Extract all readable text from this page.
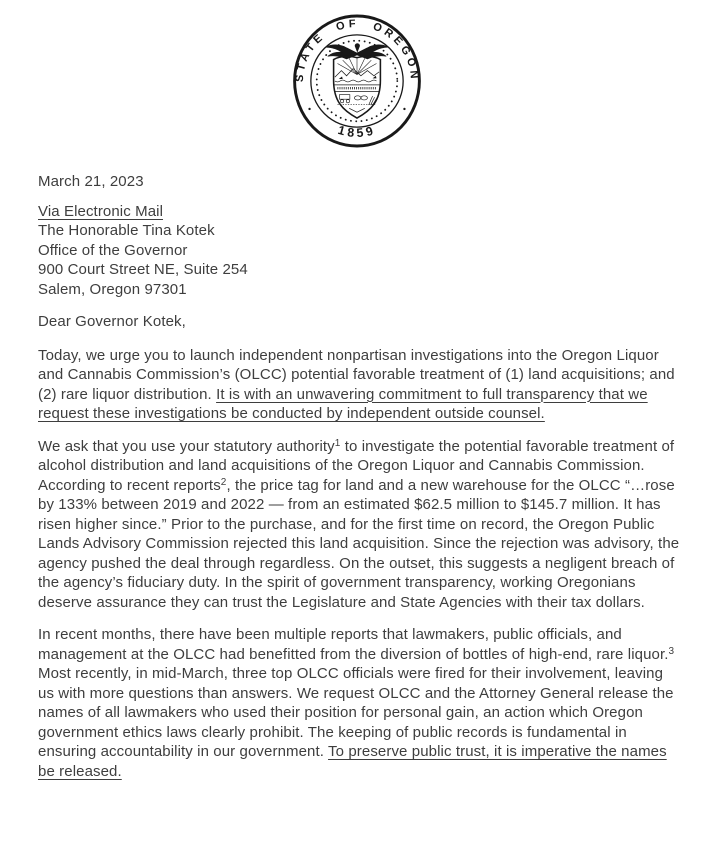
STATE OF OREGON
1859
March 21, 2023
Via Electronic Mail
The Honorable Tina Kotek
Office of the Governor
900 Court Street NE, Suite 254
Salem, Oregon 97301
Dear Governor Kotek,

Today, we urge you to launch independent nonpartisan investigations into the Oregon Liquor and Cannabis Commission’s (OLCC) potential favorable treatment of (1) land acquisitions; and (2) rare liquor distribution. It is with an unwavering commitment to full transparency that we request these investigations be conducted by independent outside counsel.

We ask that you use your statutory authority$^1$ to investigate the potential favorable treatment of alcohol distribution and land acquisitions of the Oregon Liquor and Cannabis Commission. According to recent reports$^2$, the price tag for land and a new warehouse for the OLCC “…rose by 133% between 2019 and 2022 — from an estimated $62.5 million to $145.7 million. It has risen higher since.” Prior to the purchase, and for the first time on record, the Oregon Public Lands Advisory Commission rejected this land acquisition. Since the rejection was advisory, the agency pushed the deal through regardless. On the outset, this suggests a negligent breach of the agency’s fiduciary duty. In the spirit of government transparency, working Oregonians deserve assurance they can trust the Legislature and State Agencies with their tax dollars.

In recent months, there have been multiple reports that lawmakers, public officials, and management at the OLCC had benefitted from the diversion of bottles of high-end, rare liquor.$^3$ Most recently, in mid-March, three top OLCC officials were fired for their involvement, leaving us with more questions than answers. We request OLCC and the Attorney General release the names of all lawmakers who used their position for personal gain, an action which Oregon government ethics laws clearly prohibit. The keeping of public records is fundamental in ensuring accountability in our government. To preserve public trust, it is imperative the names be released.
